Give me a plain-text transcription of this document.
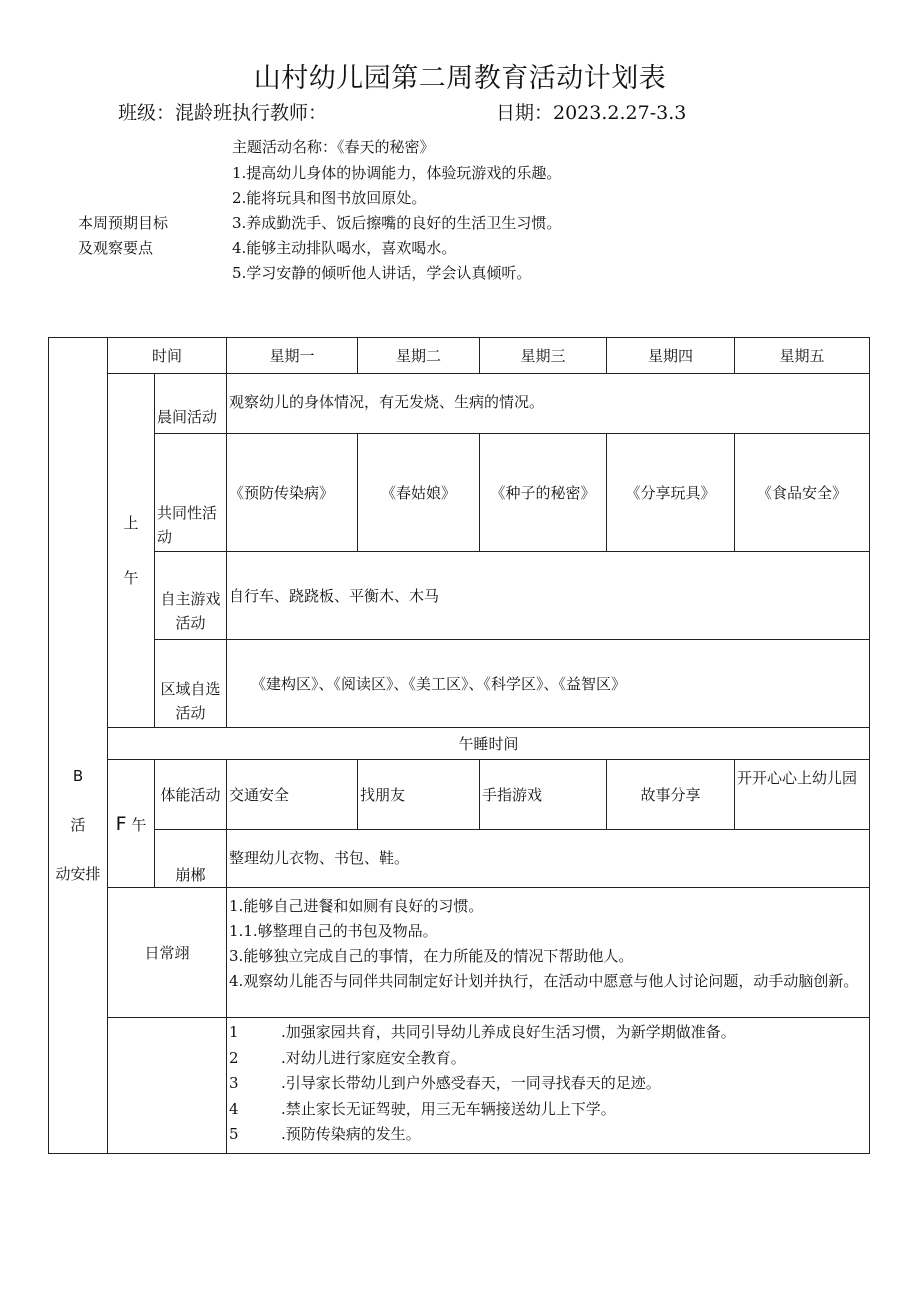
山村幼儿园第二周教育活动计划表
班级：混龄班执行教师：	日期：2023.2.27-3.3
主题活动名称：《春天的秘密》
1.提高幼儿身体的协调能力，体验玩游戏的乐趣。
2.能将玩具和图书放回原处。
3.养成勤洗手、饭后擦嘴的良好的生活卫生习惯。
4.能够主动排队喝水，喜欢喝水。
5.学习安静的倾听他人讲话，学会认真倾听。
本周预期目标
及观察要点
B
活
动安排	时间		星期一	星期二	星期三	星期四	星期五

	上
午	晨间活动	观察幼儿的身体情况，有无发烧、生病的情况。				
		共同性活动	《预防传染病》	《春姑娘》	《种子的秘密》	《分享玩具》	《食品安全》
		自主游戏活动	自行车、跷跷板、平衡木、木马				
		区域自选活动	《建构区》、《阅读区》、《美工区》、《科学区》、《益智区》				
	午睡时间						
	F 午	体能活动	交通安全	找朋友	手指游戏	故事分享	开开心心上幼儿园
		崩郴	整理幼儿衣物、书包、鞋。				
	日常翊		1.能够自己进餐和如厕有良好的习惯。
1.1.够整理自己的书包及物品。
3.能够独立完成自己的事情，在力所能及的情况下帮助他人。
4.观察幼儿能否与同伴共同制定好计划并执行，在活动中愿意与他人讨论问题，动手动脑创新。				

			1 .加强家园共育，共同引导幼儿养成良好生活习惯，为新学期做准备。
2 .对幼儿进行家庭安全教育。
3 .引导家长带幼儿到户外感受春天，一同寻找春天的足迹。
4 .禁止家长无证驾驶，用三无车辆接送幼儿上下学。
5 .预防传染病的发生。				
